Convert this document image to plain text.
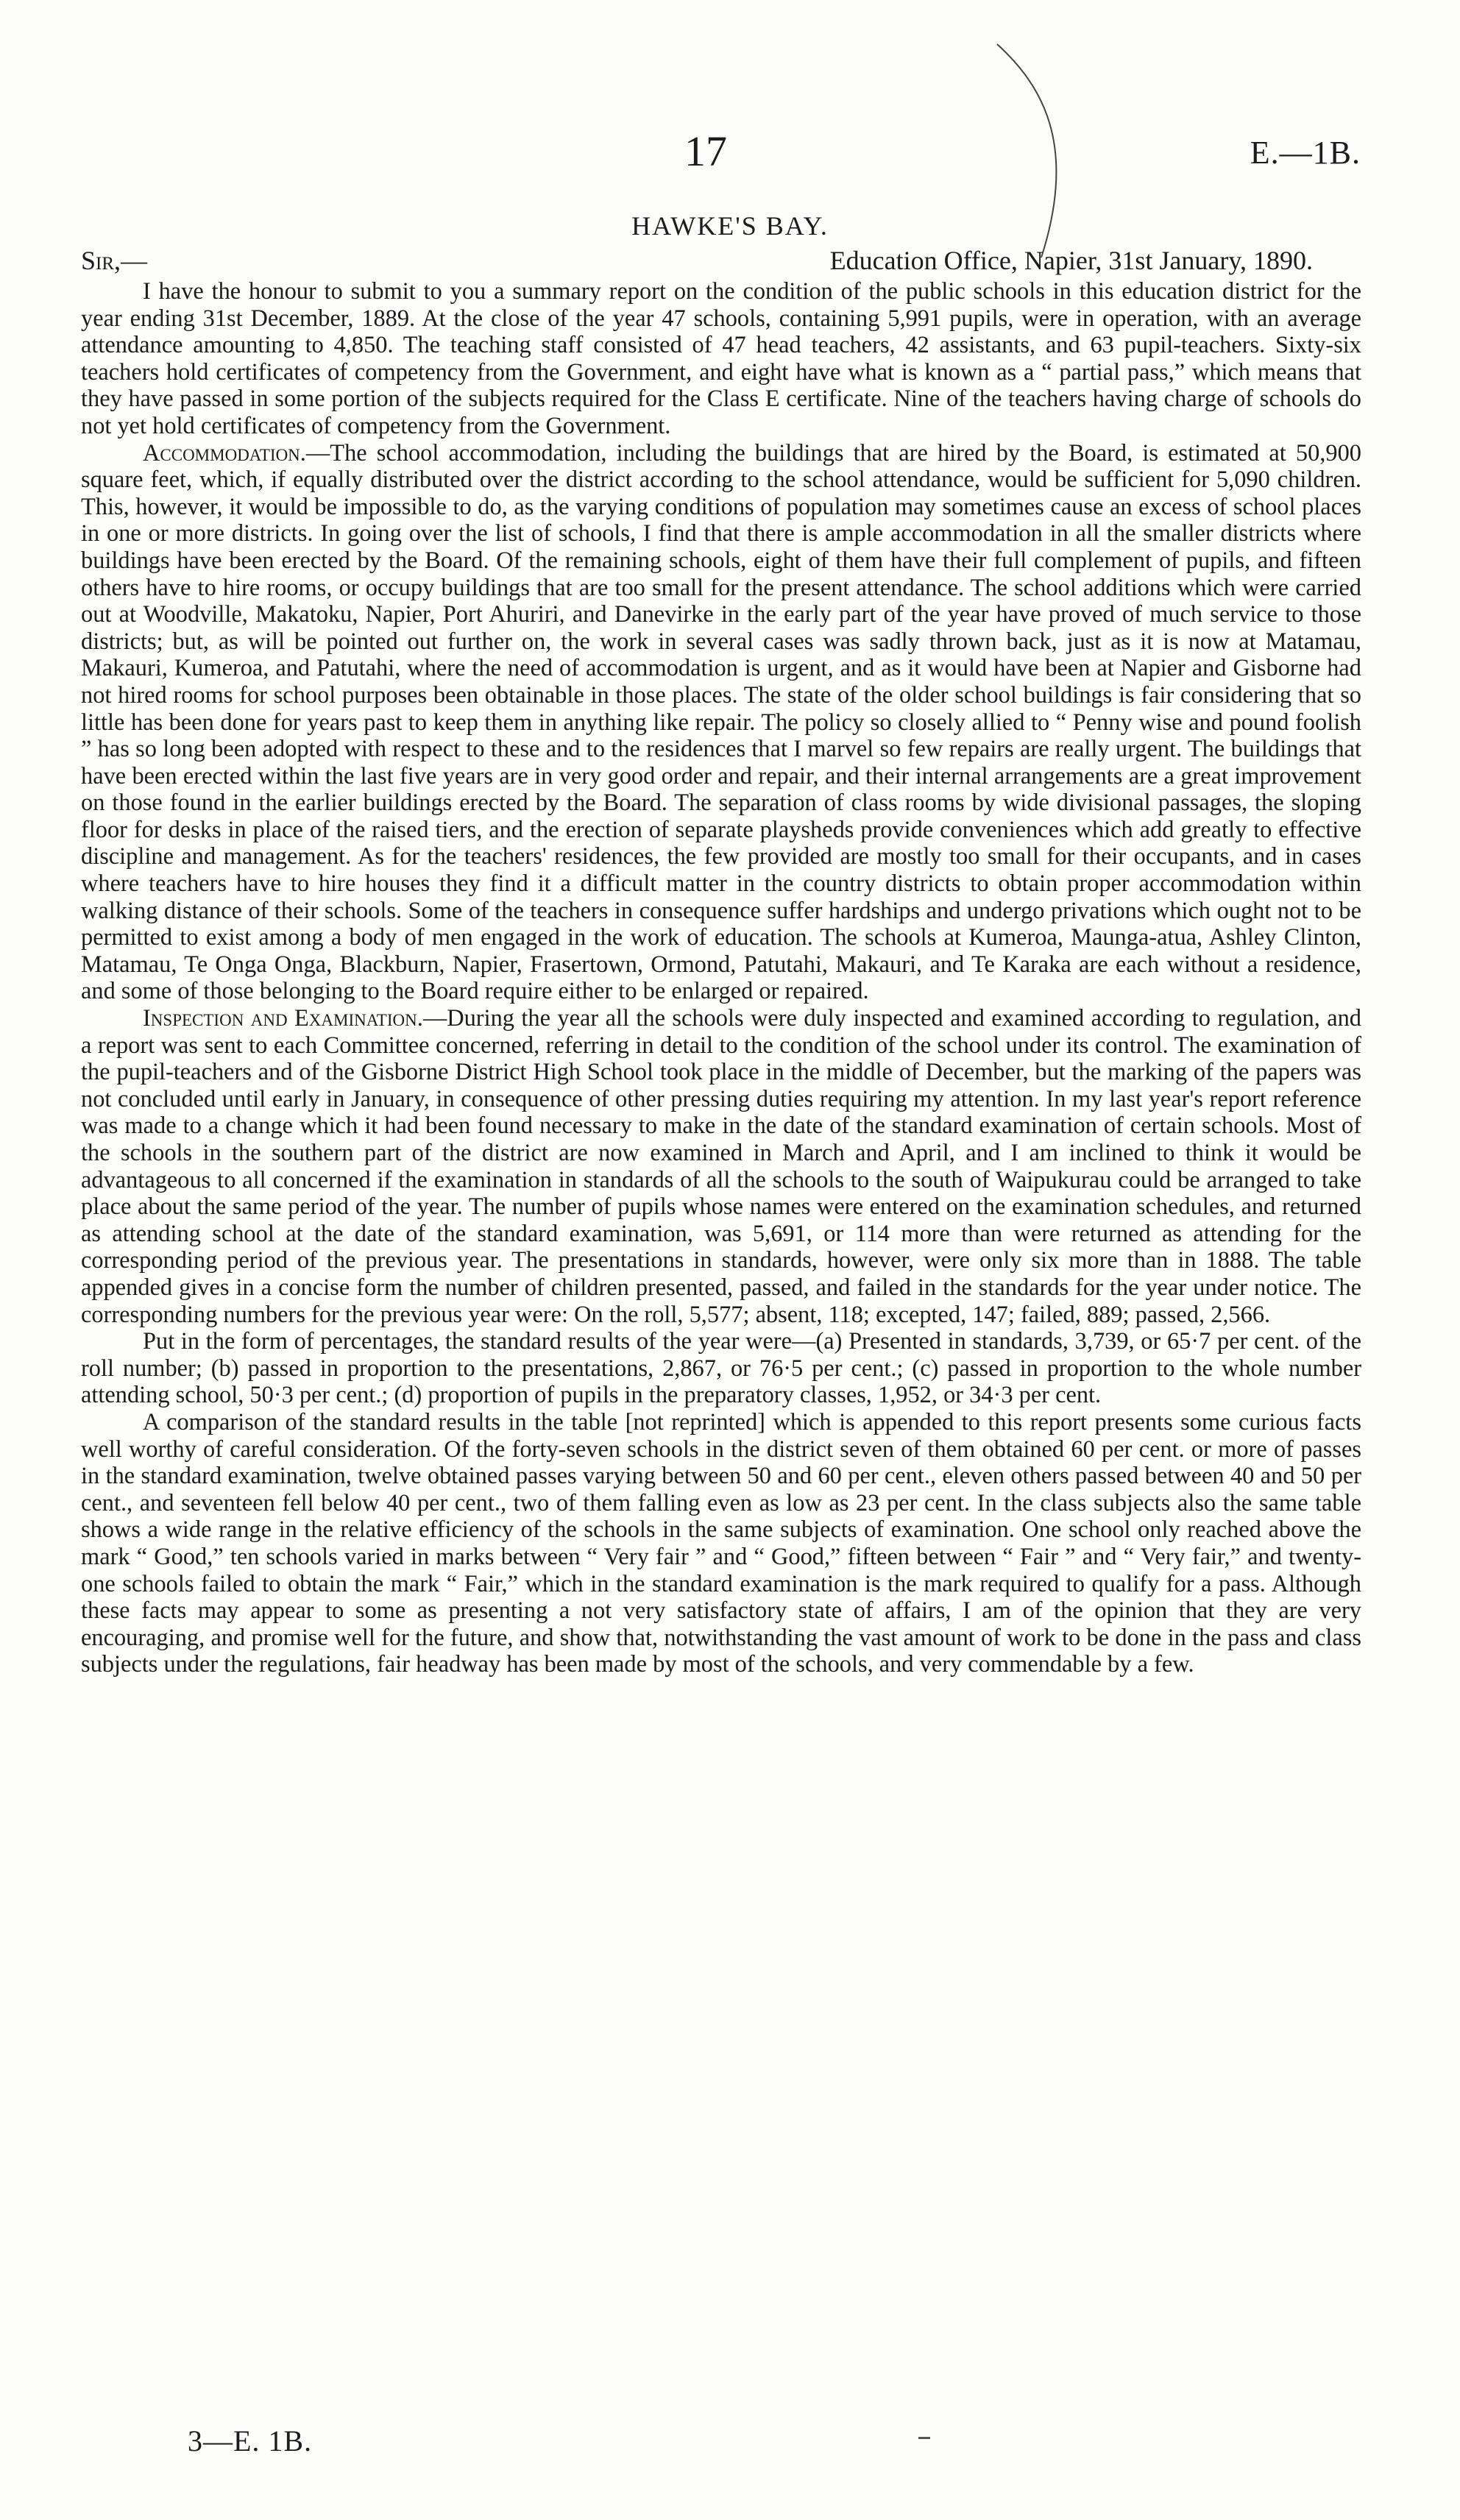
17	E.—1B.
HAWKE'S BAY.
Sir,—	Education Office, Napier, 31st January, 1890.

I have the honour to submit to you a summary report on the condition of the public schools in this education district for the year ending 31st December, 1889. At the close of the year 47 schools, containing 5,991 pupils, were in operation, with an average attendance amounting to 4,850. The teaching staff consisted of 47 head teachers, 42 assistants, and 63 pupil-teachers. Sixty-six teachers hold certificates of competency from the Government, and eight have what is known as a “ partial pass,” which means that they have passed in some portion of the subjects required for the Class E certificate. Nine of the teachers having charge of schools do not yet hold certificates of competency from the Government.

Accommodation.—The school accommodation, including the buildings that are hired by the Board, is estimated at 50,900 square feet, which, if equally distributed over the district according to the school attendance, would be sufficient for 5,090 children. This, however, it would be impossible to do, as the varying conditions of population may sometimes cause an excess of school places in one or more districts. In going over the list of schools, I find that there is ample accommodation in all the smaller districts where buildings have been erected by the Board. Of the remaining schools, eight of them have their full complement of pupils, and fifteen others have to hire rooms, or occupy buildings that are too small for the present attendance. The school additions which were carried out at Woodville, Makatoku, Napier, Port Ahuriri, and Danevirke in the early part of the year have proved of much service to those districts; but, as will be pointed out further on, the work in several cases was sadly thrown back, just as it is now at Matamau, Makauri, Kumeroa, and Patutahi, where the need of accommodation is urgent, and as it would have been at Napier and Gisborne had not hired rooms for school purposes been obtainable in those places. The state of the older school buildings is fair considering that so little has been done for years past to keep them in anything like repair. The policy so closely allied to “ Penny wise and pound foolish ” has so long been adopted with respect to these and to the residences that I marvel so few repairs are really urgent. The buildings that have been erected within the last five years are in very good order and repair, and their internal arrangements are a great improvement on those found in the earlier buildings erected by the Board. The separation of class rooms by wide divisional passages, the sloping floor for desks in place of the raised tiers, and the erection of separate playsheds provide conveniences which add greatly to effective discipline and management. As for the teachers' residences, the few provided are mostly too small for their occupants, and in cases where teachers have to hire houses they find it a difficult matter in the country districts to obtain proper accommodation within walking distance of their schools. Some of the teachers in consequence suffer hardships and undergo privations which ought not to be permitted to exist among a body of men engaged in the work of education. The schools at Kumeroa, Maunga-atua, Ashley Clinton, Matamau, Te Onga Onga, Blackburn, Napier, Frasertown, Ormond, Patutahi, Makauri, and Te Karaka are each without a residence, and some of those belonging to the Board require either to be enlarged or repaired.

Inspection and Examination.—During the year all the schools were duly inspected and examined according to regulation, and a report was sent to each Committee concerned, referring in detail to the condition of the school under its control. The examination of the pupil-teachers and of the Gisborne District High School took place in the middle of December, but the marking of the papers was not concluded until early in January, in consequence of other pressing duties requiring my attention. In my last year's report reference was made to a change which it had been found necessary to make in the date of the standard examination of certain schools. Most of the schools in the southern part of the district are now examined in March and April, and I am inclined to think it would be advantageous to all concerned if the examination in standards of all the schools to the south of Waipukurau could be arranged to take place about the same period of the year. The number of pupils whose names were entered on the examination schedules, and returned as attending school at the date of the standard examination, was 5,691, or 114 more than were returned as attending for the corresponding period of the previous year. The presentations in standards, however, were only six more than in 1888. The table appended gives in a concise form the number of children presented, passed, and failed in the standards for the year under notice. The corresponding numbers for the previous year were: On the roll, 5,577; absent, 118; excepted, 147; failed, 889; passed, 2,566.

Put in the form of percentages, the standard results of the year were—(a) Presented in standards, 3,739, or 65·7 per cent. of the roll number; (b) passed in proportion to the presentations, 2,867, or 76·5 per cent.; (c) passed in proportion to the whole number attending school, 50·3 per cent.; (d) proportion of pupils in the preparatory classes, 1,952, or 34·3 per cent.

A comparison of the standard results in the table [not reprinted] which is appended to this report presents some curious facts well worthy of careful consideration. Of the forty-seven schools in the district seven of them obtained 60 per cent. or more of passes in the standard examination, twelve obtained passes varying between 50 and 60 per cent., eleven others passed between 40 and 50 per cent., and seventeen fell below 40 per cent., two of them falling even as low as 23 per cent. In the class subjects also the same table shows a wide range in the relative efficiency of the schools in the same subjects of examination. One school only reached above the mark “ Good,” ten schools varied in marks between “ Very fair ” and “ Good,” fifteen between “ Fair ” and “ Very fair,” and twenty-one schools failed to obtain the mark “ Fair,” which in the standard examination is the mark required to qualify for a pass. Although these facts may appear to some as presenting a not very satisfactory state of affairs, I am of the opinion that they are very encouraging, and promise well for the future, and show that, notwithstanding the vast amount of work to be done in the pass and class subjects under the regulations, fair headway has been made by most of the schools, and very commendable by a few.

3—E. 1B.
